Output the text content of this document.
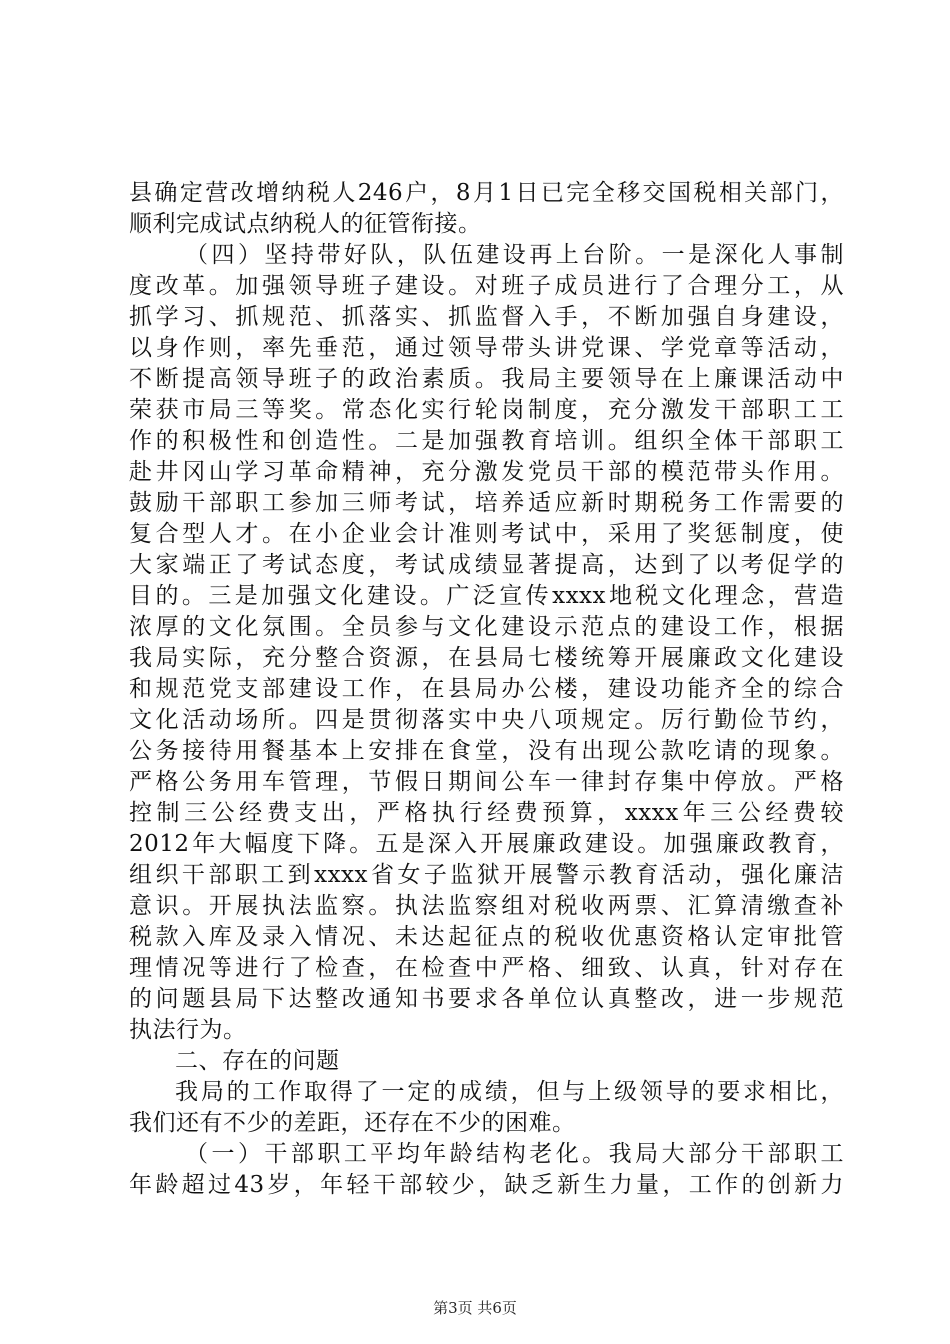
县确定营改增纳税人246户，8月1日已完全移交国税相关部门，
顺利完成试点纳税人的征管衔接。
（四）坚持带好队，队伍建设再上台阶。一是深化人事制
度改革。加强领导班子建设。对班子成员进行了合理分工，从
抓学习、抓规范、抓落实、抓监督入手，不断加强自身建设，
以身作则，率先垂范，通过领导带头讲党课、学党章等活动，
不断提高领导班子的政治素质。我局主要领导在上廉课活动中
荣获市局三等奖。常态化实行轮岗制度，充分激发干部职工工
作的积极性和创造性。二是加强教育培训。组织全体干部职工
赴井冈山学习革命精神，充分激发党员干部的模范带头作用。
鼓励干部职工参加三师考试，培养适应新时期税务工作需要的
复合型人才。在小企业会计准则考试中，采用了奖惩制度，使
大家端正了考试态度，考试成绩显著提高，达到了以考促学的
目的。三是加强文化建设。广泛宣传xxxx地税文化理念，营造
浓厚的文化氛围。全员参与文化建设示范点的建设工作，根据
我局实际，充分整合资源，在县局七楼统筹开展廉政文化建设
和规范党支部建设工作，在县局办公楼，建设功能齐全的综合
文化活动场所。四是贯彻落实中央八项规定。厉行勤俭节约，
公务接待用餐基本上安排在食堂，没有出现公款吃请的现象。
严格公务用车管理，节假日期间公车一律封存集中停放。严格
控制三公经费支出，严格执行经费预算，xxxx年三公经费较
2012年大幅度下降。五是深入开展廉政建设。加强廉政教育，
组织干部职工到xxxx省女子监狱开展警示教育活动，强化廉洁
意识。开展执法监察。执法监察组对税收两票、汇算清缴查补
税款入库及录入情况、未达起征点的税收优惠资格认定审批管
理情况等进行了检查，在检查中严格、细致、认真，针对存在
的问题县局下达整改通知书要求各单位认真整改，进一步规范
执法行为。
二、存在的问题
我局的工作取得了一定的成绩，但与上级领导的要求相比，
我们还有不少的差距，还存在不少的困难。
（一）干部职工平均年龄结构老化。我局大部分干部职工
年龄超过43岁，年轻干部较少，缺乏新生力量，工作的创新力
第3页 共6页
